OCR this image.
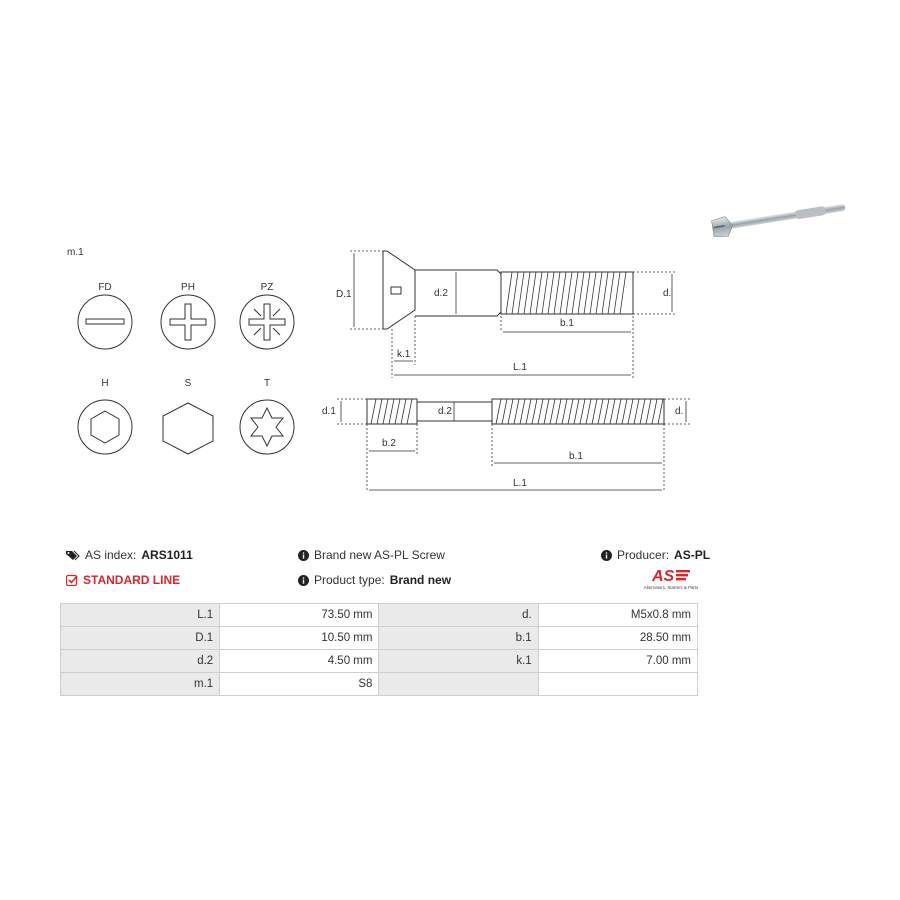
m.1
FD	PH	PZ
H	S	T
D.1	d.2	d.
b.1
k.1
L.1
d.1	d.2	d.
b.2
b.1
L.1
AS index: ARS1011
STANDARD LINE
Brand new AS-PL Screw
Product type: Brand new
Producer: AS-PL
AS
Alternators, Starters & Parts
L.1	73.50 mm	d.	M5x0.8 mm
D.1	10.50 mm	b.1	28.50 mm
d.2	4.50 mm	k.1	7.00 mm
m.1	S8		
